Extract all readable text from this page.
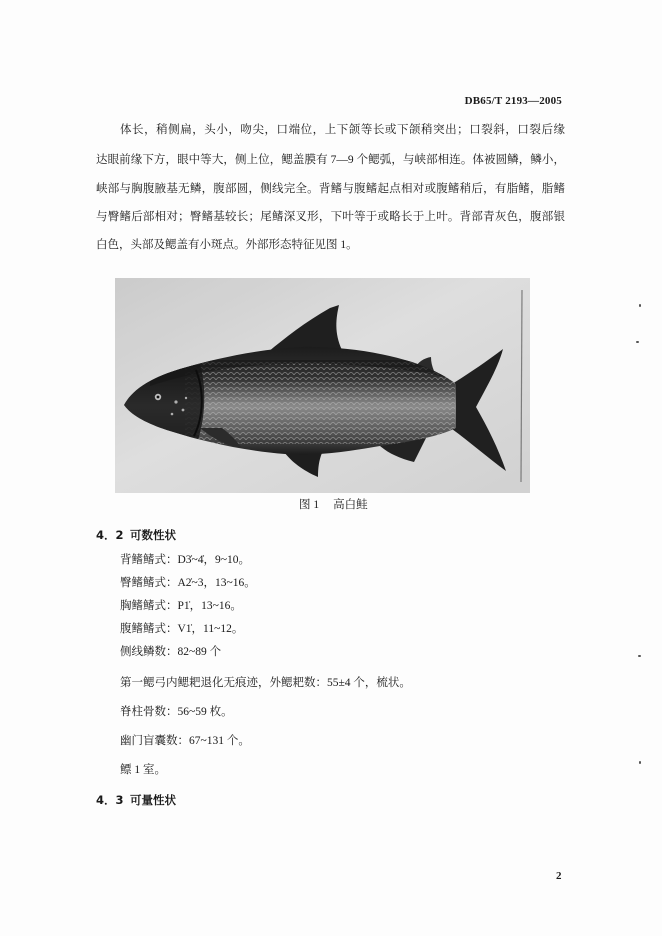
DB65/T 2193—2005
体长，稍侧扁，头小，吻尖，口端位，上下颌等长或下颌稍突出；口裂斜，口裂后缘
达眼前缘下方，眼中等大，侧上位，鳃盖膜有 7—9 个鳃弧，与峡部相连。体被圆鳞，鳞小，
峡部与胸腹腋基无鳞，腹部圆，侧线完全。背鳍与腹鳍起点相对或腹鳍稍后，有脂鳍，脂鳍
与臀鳍后部相对；臀鳍基较长；尾鳍深叉形，下叶等于或略长于上叶。背部青灰色，腹部银
白色，头部及鳃盖有小斑点。外部形态特征见图 1。
图 1 高白鲑
4．2 可数性状
背鳍鳍式：D3̇~4̇，9~10。
臀鳍鳍式：A2̇~3，13~16。
胸鳍鳍式：P1̇，13~16。
腹鳍鳍式：V1̇，11~12。
侧线鳞数：82~89 个
第一鳃弓内鳃耙退化无痕迹，外鳃耙数：55±4 个，梳状。
脊柱骨数：56~59 枚。
幽门盲囊数：67~131 个。
鳔 1 室。
4．3 可量性状
2
